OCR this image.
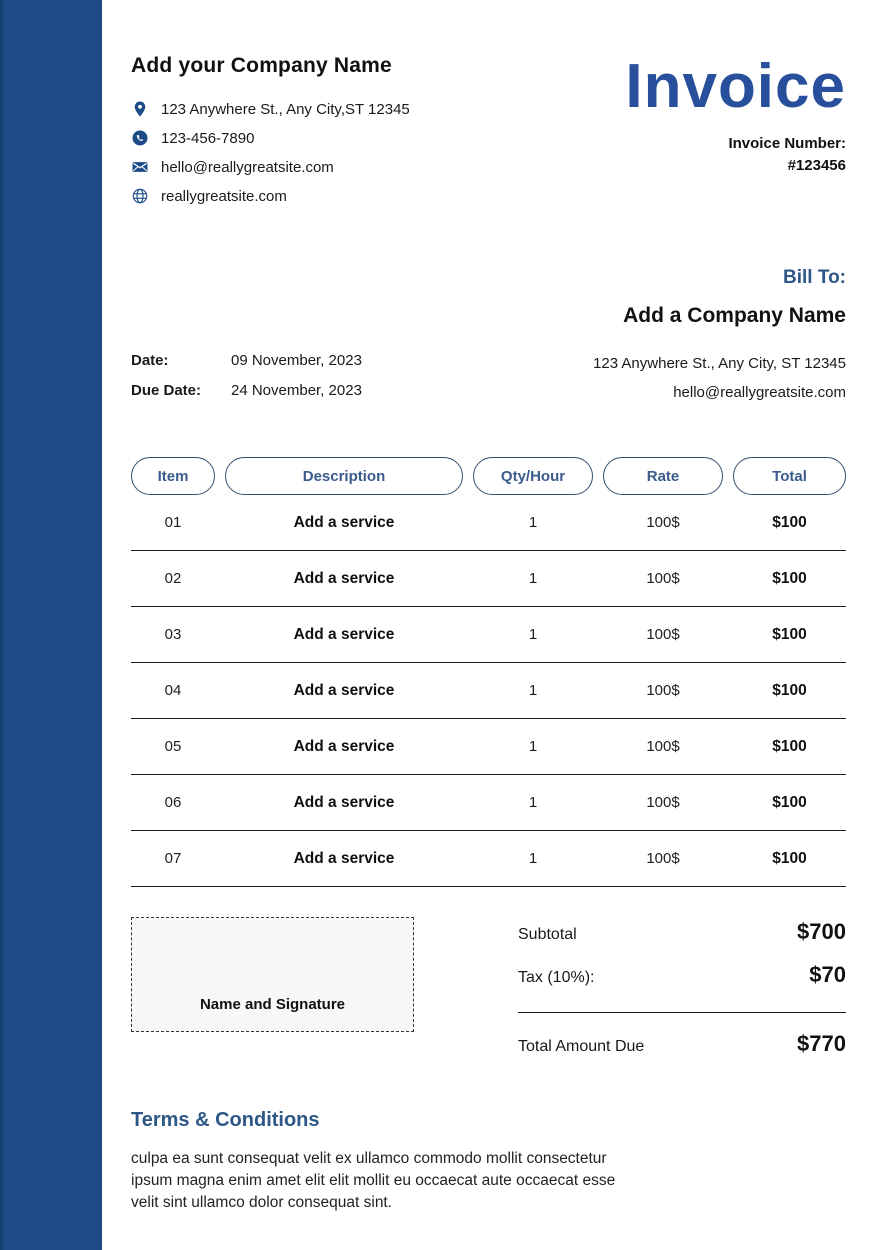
Add your Company Name
123 Anywhere St., Any City,ST 12345
123-456-7890
hello@reallygreatsite.com
reallygreatsite.com
Invoice
Invoice Number:
#123456
Date:	09 November, 2023
Due Date:	24 November, 2023
Bill To:
Add a Company Name
123 Anywhere St., Any City, ST 12345
hello@reallygreatsite.com
Item	Description	Qty/Hour	Rate	Total
01	Add a service	1	100$	$100
02	Add a service	1	100$	$100
03	Add a service	1	100$	$100
04	Add a service	1	100$	$100
05	Add a service	1	100$	$100
06	Add a service	1	100$	$100
07	Add a service	1	100$	$100
Name and Signature
Subtotal	$700
Tax (10%):	$70
Total Amount Due	$770
Terms & Conditions
culpa ea sunt consequat velit ex ullamco commodo mollit consectetur ipsum magna enim amet elit elit mollit eu occaecat aute occaecat esse velit sint ullamco dolor consequat sint.
